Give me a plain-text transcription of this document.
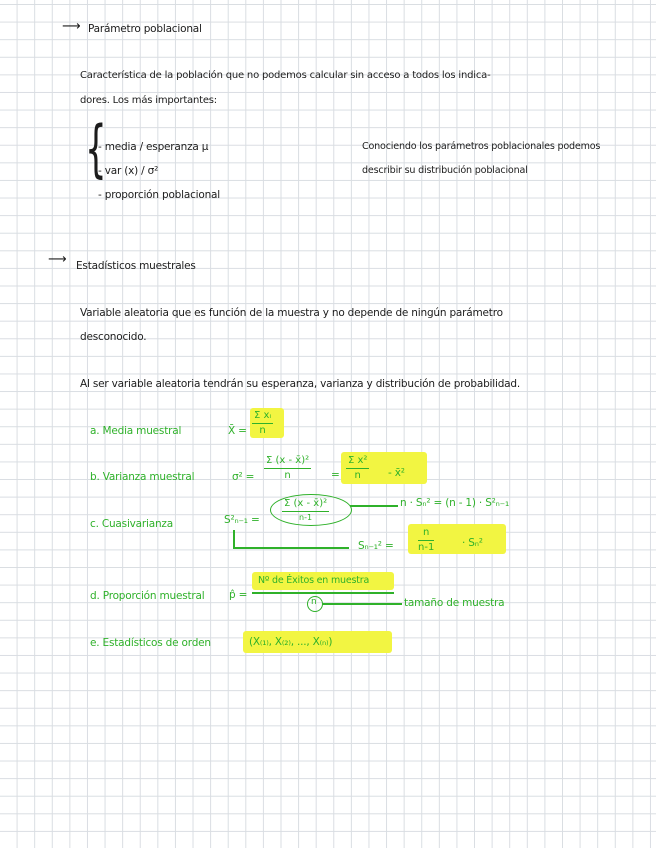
⟶ Parámetro poblacional
Característica de la población que no podemos calcular sin acceso a todos los indica-
dores. Los más importantes:
{
- media / esperanza μ
- var (x) / σ²
- proporción poblacional
Conociendo los parámetros poblacionales podemos
describir su distribución poblacional
⟶ Estadísticos muestrales
Variable aleatoria que es función de la muestra y no depende de ningún parámetro
desconocido.
Al ser variable aleatoria tendrán su esperanza, varianza y distribución de probabilidad.
a. Media muestral	X̄ =
Σ xᵢ
n
b. Varianza muestral	σ² =
Σ (x - x̄)²
n	=
Σ x²
n	- x̄²
c. Cuasivarianza	S²ₙ₋₁ =
Σ (x - x̄)²
n-1
n · Sₙ² = (n - 1) · S²ₙ₋₁
Sₙ₋₁² =
n
n-1	· Sₙ²
d. Proporción muestral p̂ =
Nº de Éxitos en muestra
n	tamaño de muestra
e. Estadísticos de orden	(X₍₁₎, X₍₂₎, ..., X₍ₙ₎)
